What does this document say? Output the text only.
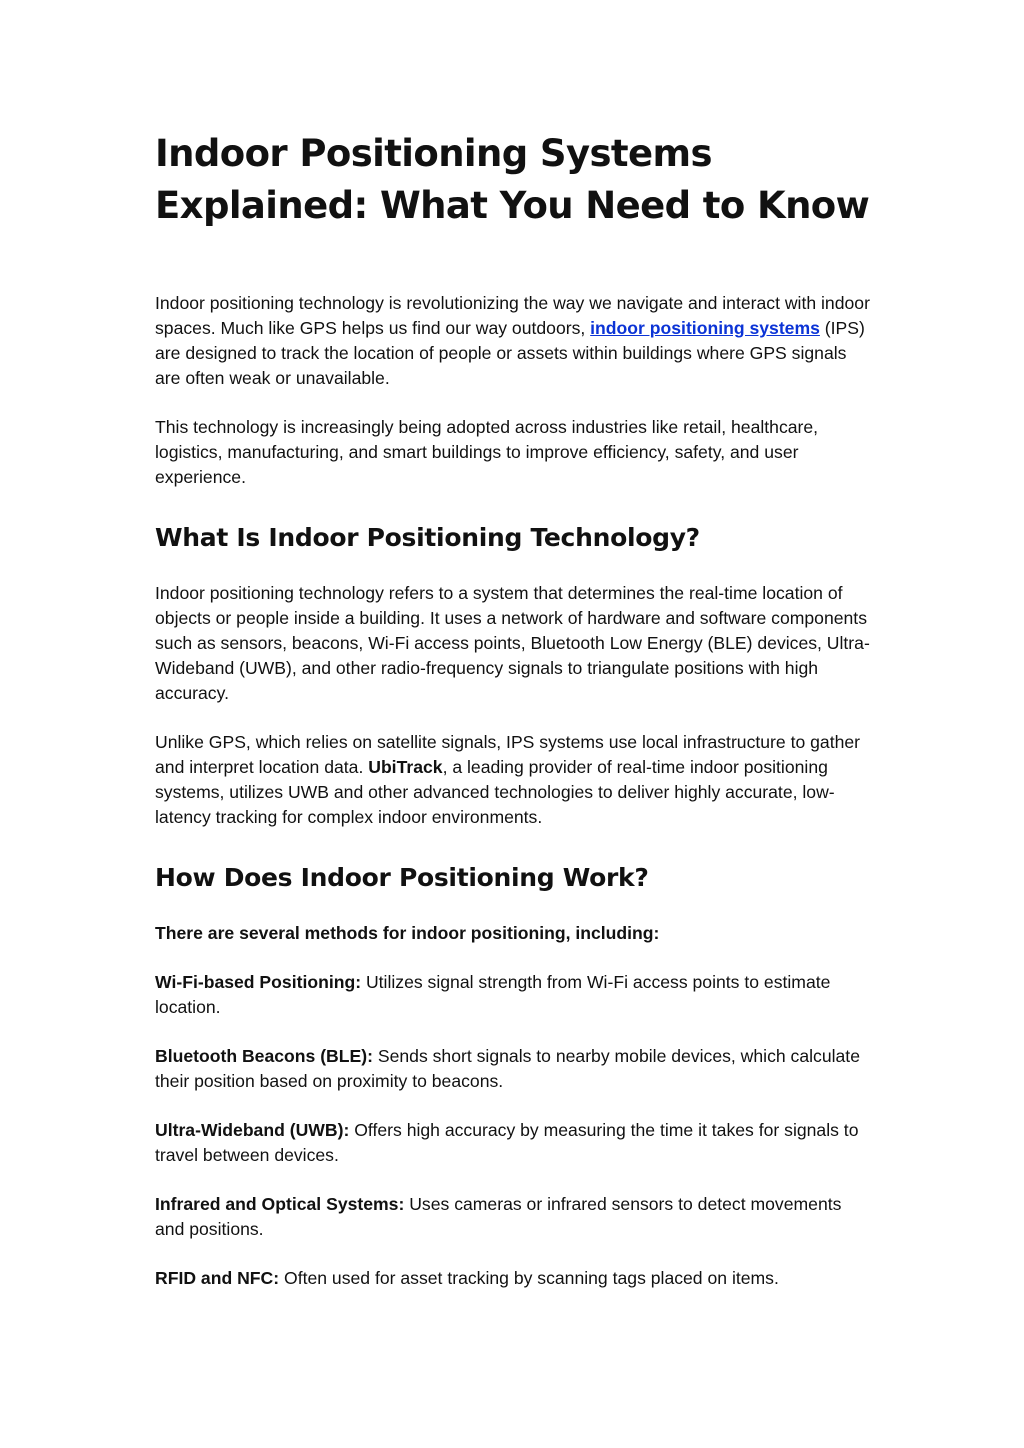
Indoor Positioning Systems Explained: What You Need to Know

Indoor positioning technology is revolutionizing the way we navigate and interact with indoor spaces. Much like GPS helps us find our way outdoors, indoor positioning systems (IPS) are designed to track the location of people or assets within buildings where GPS signals are often weak or unavailable.

This technology is increasingly being adopted across industries like retail, healthcare, logistics, manufacturing, and smart buildings to improve efficiency, safety, and user experience.

What Is Indoor Positioning Technology?

Indoor positioning technology refers to a system that determines the real-time location of objects or people inside a building. It uses a network of hardware and software components such as sensors, beacons, Wi-Fi access points, Bluetooth Low Energy (BLE) devices, Ultra-Wideband (UWB), and other radio-frequency signals to triangulate positions with high accuracy.

Unlike GPS, which relies on satellite signals, IPS systems use local infrastructure to gather and interpret location data. UbiTrack, a leading provider of real-time indoor positioning systems, utilizes UWB and other advanced technologies to deliver highly accurate, low-latency tracking for complex indoor environments.

How Does Indoor Positioning Work?

There are several methods for indoor positioning, including:

Wi-Fi-based Positioning: Utilizes signal strength from Wi-Fi access points to estimate location.

Bluetooth Beacons (BLE): Sends short signals to nearby mobile devices, which calculate their position based on proximity to beacons.

Ultra-Wideband (UWB): Offers high accuracy by measuring the time it takes for signals to travel between devices.

Infrared and Optical Systems: Uses cameras or infrared sensors to detect movements and positions.

RFID and NFC: Often used for asset tracking by scanning tags placed on items.
